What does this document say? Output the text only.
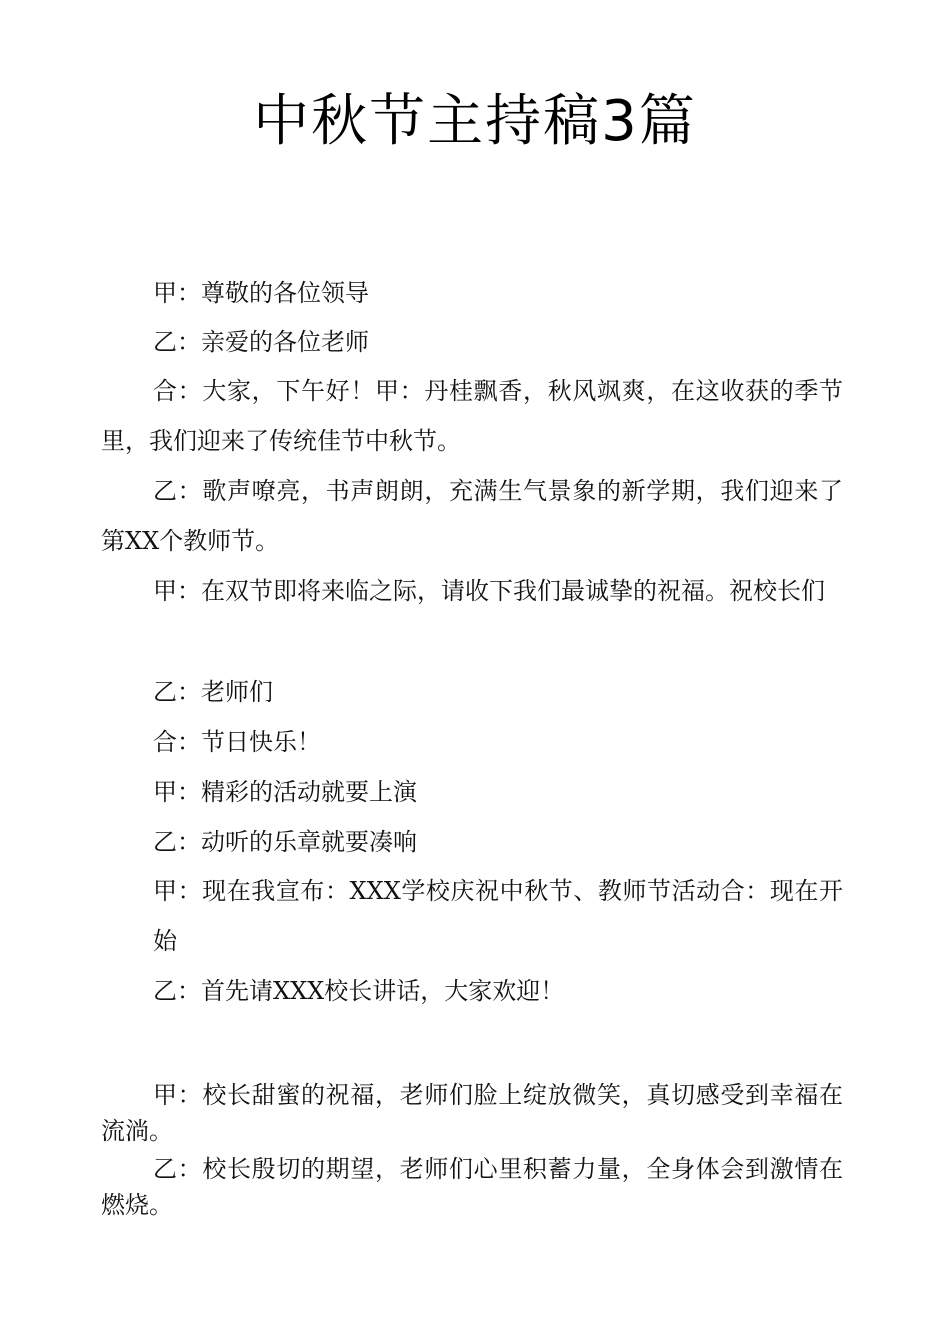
中秋节主持稿3篇

甲：尊敬的各位领导

乙：亲爱的各位老师

合：大家，下午好！甲：丹桂飘香，秋风飒爽，在这收获的季节里，我们迎来了传统佳节中秋节。

乙：歌声嘹亮，书声朗朗，充满生气景象的新学期，我们迎来了第XX个教师节。

甲：在双节即将来临之际，请收下我们最诚挚的祝福。祝校长们

乙：老师们

合：节日快乐！

甲：精彩的活动就要上演

乙：动听的乐章就要凑响

甲：现在我宣布：XXX学校庆祝中秋节、教师节活动合：现在开始

乙：首先请XXX校长讲话，大家欢迎！

甲：校长甜蜜的祝福，老师们脸上绽放微笑，真切感受到幸福在流淌。

乙：校长殷切的期望，老师们心里积蓄力量，全身体会到激情在燃烧。
